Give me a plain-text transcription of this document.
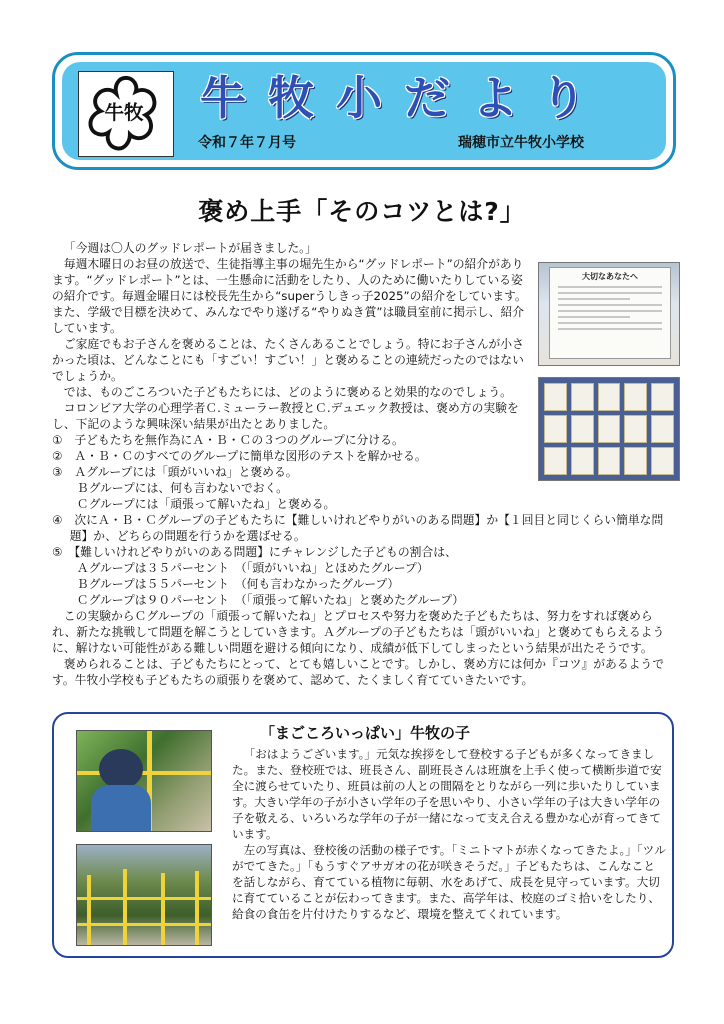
牛牧 牛牧小だより
令和７年７月号	瑞穂市立牛牧小学校
褒め上手「そのコツとは?」
大切なあなたへ

「今週は〇人のグッドレポートが届きました。」

毎週木曜日のお昼の放送で、生徒指導主事の堀先生から“グッドレポート”の紹介があります。“グッドレポート”とは、一生懸命に活動をしたり、人のために働いたりしている姿の紹介です。毎週金曜日には校長先生から“superうしきっ子2025”の紹介をしています。また、学級で目標を決めて、みんなでやり遂げる“やりぬき賞”は職員室前に掲示し、紹介しています。

ご家庭でもお子さんを褒めることは、たくさんあることでしょう。特にお子さんが小さかった頃は、どんなことにも「すごい！すごい！」と褒めることの連続だったのではないでしょうか。

では、ものごころついた子どもたちには、どのように褒めると効果的なのでしょう。

コロンビア大学の心理学者Ｃ.ミューラー教授とＣ.デュエック教授は、褒め方の実験をし、下記のような興味深い結果が出たとありました。

①　子どもたちを無作為にＡ・Ｂ・Ｃの３つのグループに分ける。

②　Ａ・Ｂ・Ｃのすべてのグループに簡単な図形のテストを解かせる。

③　Ａグループには「頭がいいね」と褒める。

Ｂグループには、何も言わないでおく。

Ｃグループには「頑張って解いたね」と褒める。

④　次にＡ・Ｂ・Ｃグループの子どもたちに【難しいけれどやりがいのある問題】か【１回目と同じくらい簡単な問題】か、どちらの問題を行うかを選ばせる。

⑤　【難しいけれどやりがいのある問題】にチャレンジした子どもの割合は、

Ａグループは３５パーセント　（「頭がいいね」とほめたグループ）

Ｂグループは５５パーセント　（何も言わなかったグループ）

Ｃグループは９０パーセント　（「頑張って解いたね」と褒めたグループ）

この実験からＣグループの「頑張って解いたね」とプロセスや努力を褒めた子どもたちは、努力をすれば褒められ、新たな挑戦して問題を解こうとしていきます。Ａグループの子どもたちは「頭がいいね」と褒めてもらえるように、解けない可能性がある難しい問題を避ける傾向になり、成績が低下してしまったという結果が出たそうです。

褒められることは、子どもたちにとって、とても嬉しいことです。しかし、褒め方には何か『コツ』があるようです。牛牧小学校も子どもたちの頑張りを褒めて、認めて、たくましく育てていきたいです。

「まごころいっぱい」牛牧の子

「おはようございます。」元気な挨拶をして登校する子どもが多くなってきました。また、登校班では、班長さん、副班長さんは班旗を上手く使って横断歩道で安全に渡らせていたり、班員は前の人との間隔をとりながら一列に歩いたりしています。大きい学年の子が小さい学年の子を思いやり、小さい学年の子は大きい学年の子を敬える、いろいろな学年の子が一緒になって支え合える豊かな心が育ってきています。

左の写真は、登校後の活動の様子です。「ミニトマトが赤くなってきたよ。」「ツルがでてきた。」「もうすぐアサガオの花が咲きそうだ。」子どもたちは、こんなことを話しながら、育てている植物に毎朝、水をあげて、成長を見守っています。大切に育てていることが伝わってきます。また、高学年は、校庭のゴミ拾いをしたり、給食の食缶を片付けたりするなど、環境を整えてくれています。
